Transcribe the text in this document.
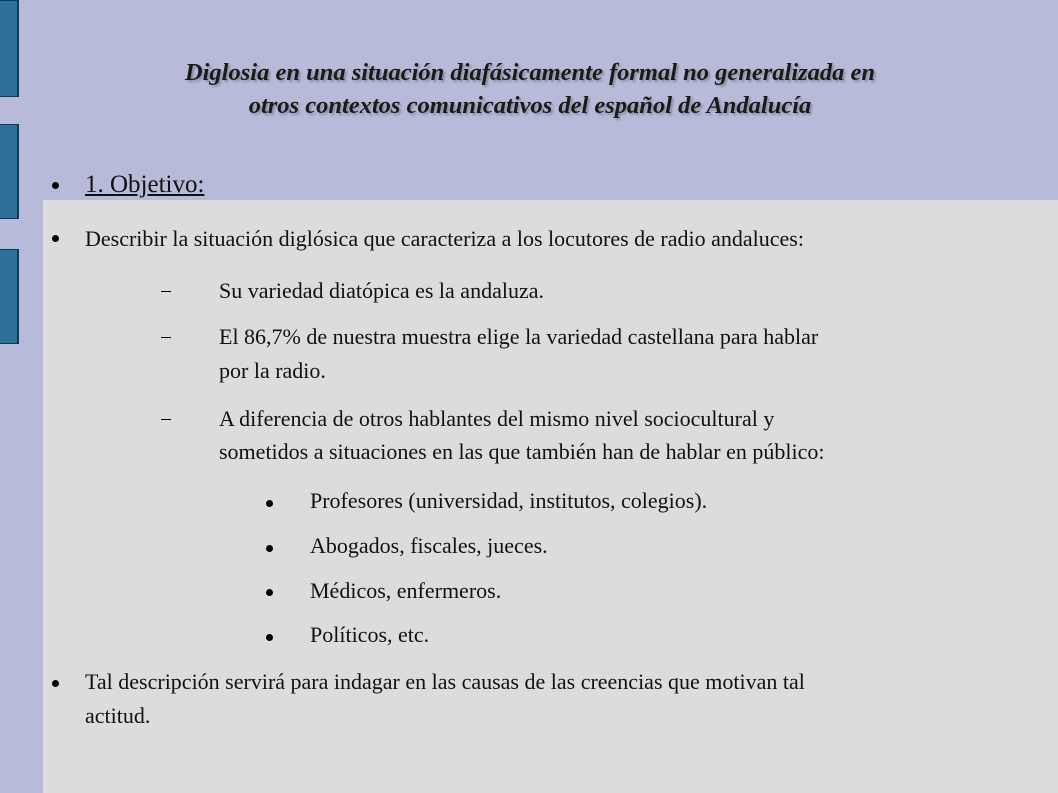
Diglosia en una situación diafásicamente formal no generalizada en
otros contextos comunicativos del español de Andalucía
1. Objetivo:
Describir la situación diglósica que caracteriza a los locutores de radio andaluces:
Su variedad diatópica es la andaluza.
El 86,7% de nuestra muestra elige la variedad castellana para hablar
por la radio.
A diferencia de otros hablantes del mismo nivel sociocultural y
sometidos a situaciones en las que también han de hablar en público:
Profesores (universidad, institutos, colegios).
Abogados, fiscales, jueces.
Médicos, enfermeros.
Políticos, etc.
Tal descripción servirá para indagar en las causas de las creencias que motivan tal
actitud.
